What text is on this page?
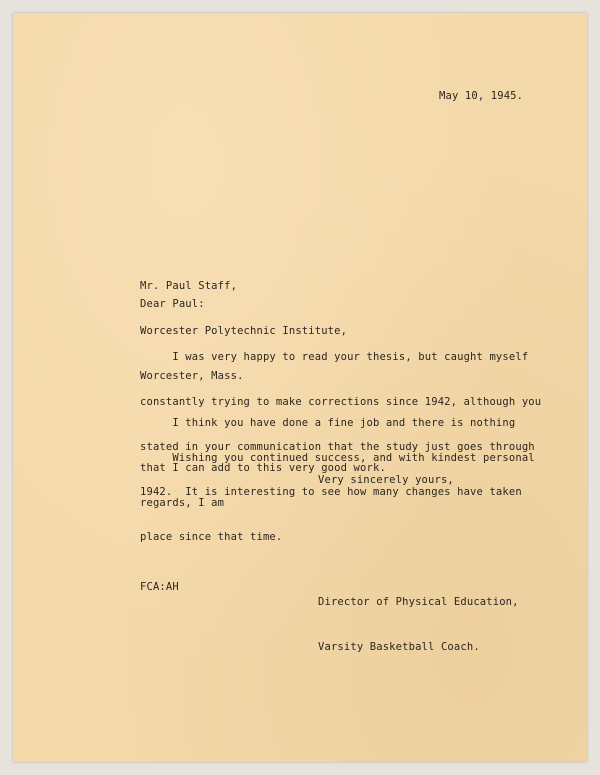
May 10, 1945.

Mr. Paul Staff,

Worcester Polytechnic Institute,

Worcester, Mass.

Dear Paul:

I was very happy to read your thesis, but caught myself

constantly trying to make corrections since 1942, although you

stated in your communication that the study just goes through

1942.  It is interesting to see how many changes have taken

place since that time.

I think you have done a fine job and there is nothing

that I can add to this very good work.

Wishing you continued success, and with kindest personal

regards, I am

Very sincerely yours,

Director of Physical Education,

Varsity Basketball Coach.

FCA:AH
